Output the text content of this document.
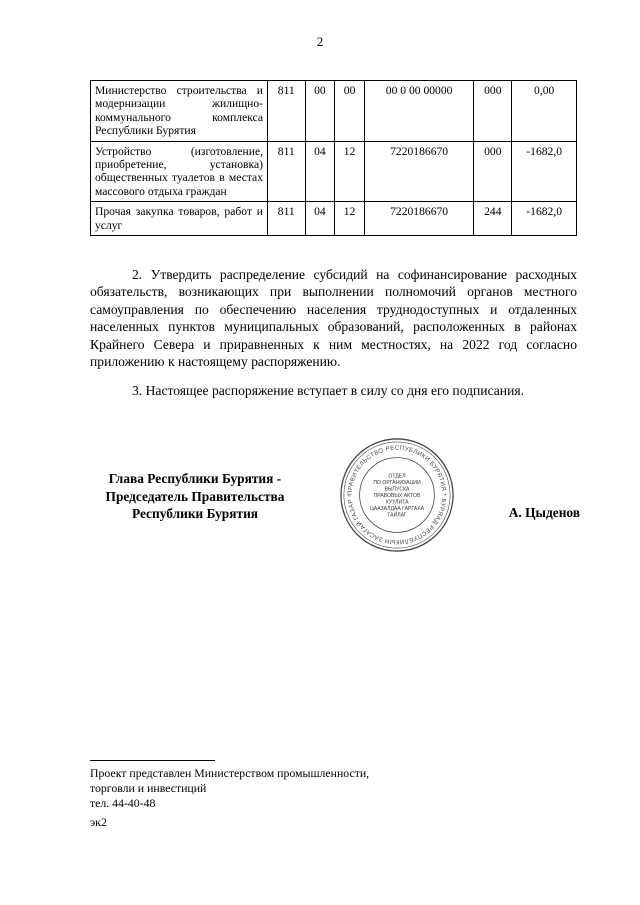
2
Министерство строительства и модернизации жилищно-коммунального комплекса Республики Бурятия	811	00	00	00 0 00 00000	000	0,00
Устройство (изготовление, приобретение, установка) общественных туалетов в местах массового отдыха граждан	811	04	12	7220186670	000	-1682,0
Прочая закупка товаров, работ и услуг	811	04	12	7220186670	244	-1682,0

2. Утвердить распределение субсидий на софинансирование расходных обязательств, возникающих при выполнении полномочий органов местного самоуправления по обеспечению населения труднодоступных и отдаленных населенных пунктов муниципальных образований, расположенных в районах Крайнего Севера и приравненных к ним местностях, на 2022 год согласно приложению к настоящему распоряжению.

3. Настоящее распоряжение вступает в силу со дня его подписания.

Глава Республики Бурятия -
Председатель Правительства
Республики Бурятия
ПРАВИТЕЛЬСТВО РЕСПУБЛИКИ БУРЯТИЯ * БУРЯАД РЕСПУБЛИКЫН ЗАСАГАЙ ГАЗАР *
ОТДЕЛ
ПО ОРГАНИЗАЦИИ
ВЫПУСКА
ПРАВОВЫХ АКТОВ
ХУУЛИТА
ЦААЗАЛДАА ГАРГАХА
ТАЙЛАГ	А. Цыденов
Проект представлен Министерством промышленности,
торговли и инвестиций
тел. 44-40-48
эк2
